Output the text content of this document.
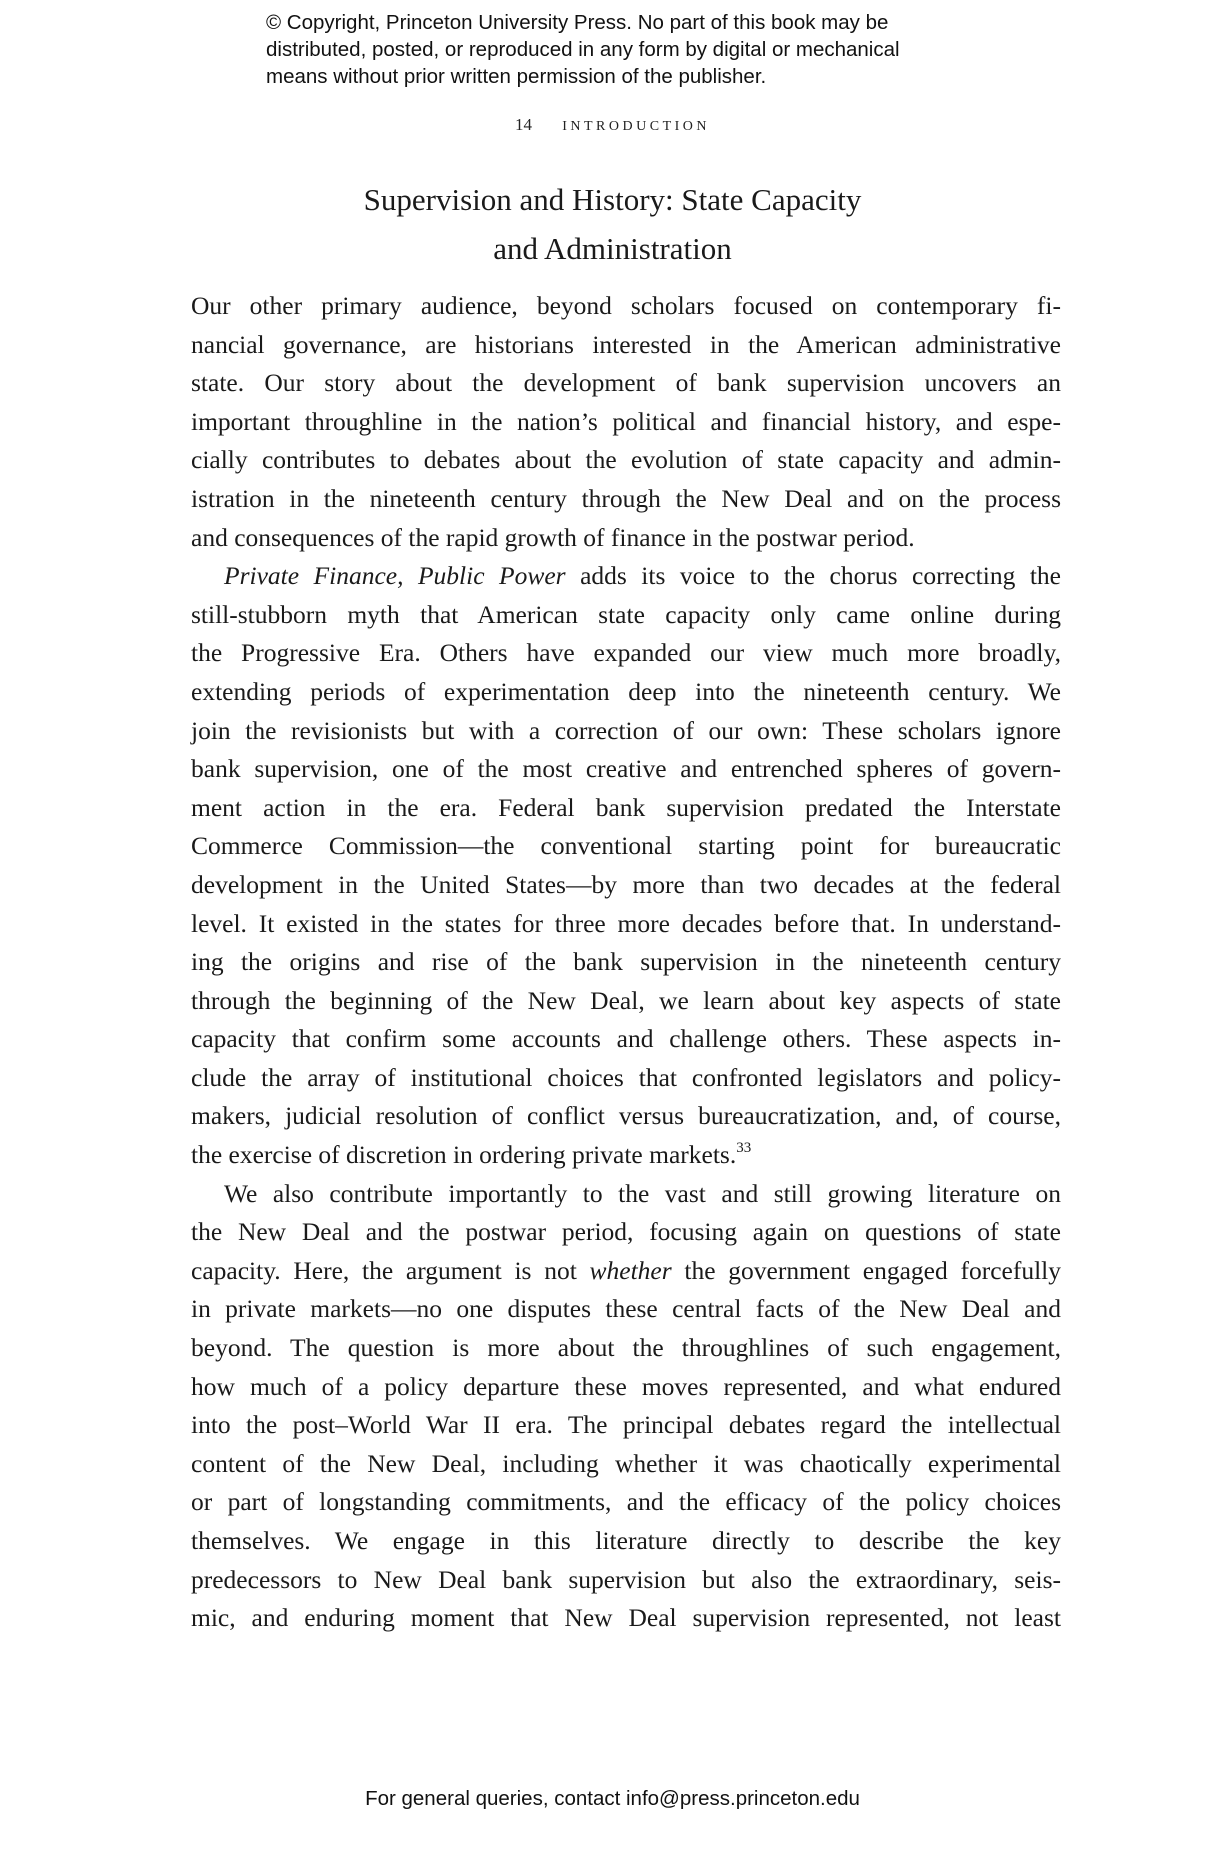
© Copyright, Princeton University Press. No part of this book may be
distributed, posted, or reproduced in any form by digital or mechanical
means without prior written permission of the publisher.
14 introduction
Supervision and History: State Capacity
and Administration
Our other primary audience, beyond scholars focused on contemporary fi-
nancial governance, are historians interested in the American administrative
state. Our story about the development of bank supervision uncovers an
important throughline in the nation’s political and financial history, and espe-
cially contributes to debates about the evolution of state capacity and admin-
istration in the nineteenth century through the New Deal and on the process
and consequences of the rapid growth of finance in the postwar period.
Private Finance, Public Power adds its voice to the chorus correcting the
still-stubborn myth that American state capacity only came online during
the Progressive Era. Others have expanded our view much more broadly,
extending periods of experimentation deep into the nineteenth century. We
join the revisionists but with a correction of our own: These scholars ignore
bank supervision, one of the most creative and entrenched spheres of govern-
ment action in the era. Federal bank supervision predated the Interstate
Commerce Commission—the conventional starting point for bureaucratic
development in the United States—by more than two decades at the federal
level. It existed in the states for three more decades before that. In understand-
ing the origins and rise of the bank supervision in the nineteenth century
through the beginning of the New Deal, we learn about key aspects of state
capacity that confirm some accounts and challenge others. These aspects in-
clude the array of institutional choices that confronted legislators and policy-
makers, judicial resolution of conflict versus bureaucratization, and, of course,
the exercise of discretion in ordering private markets.$^{33}$
We also contribute importantly to the vast and still growing literature on
the New Deal and the postwar period, focusing again on questions of state
capacity. Here, the argument is not whether the government engaged forcefully
in private markets—no one disputes these central facts of the New Deal and
beyond. The question is more about the throughlines of such engagement,
how much of a policy departure these moves represented, and what endured
into the post–World War II era. The principal debates regard the intellectual
content of the New Deal, including whether it was chaotically experimental
or part of longstanding commitments, and the efficacy of the policy choices
themselves. We engage in this literature directly to describe the key
predecessors to New Deal bank supervision but also the extraordinary, seis-
mic, and enduring moment that New Deal supervision represented, not least
For general queries, contact info@press.princeton.edu
